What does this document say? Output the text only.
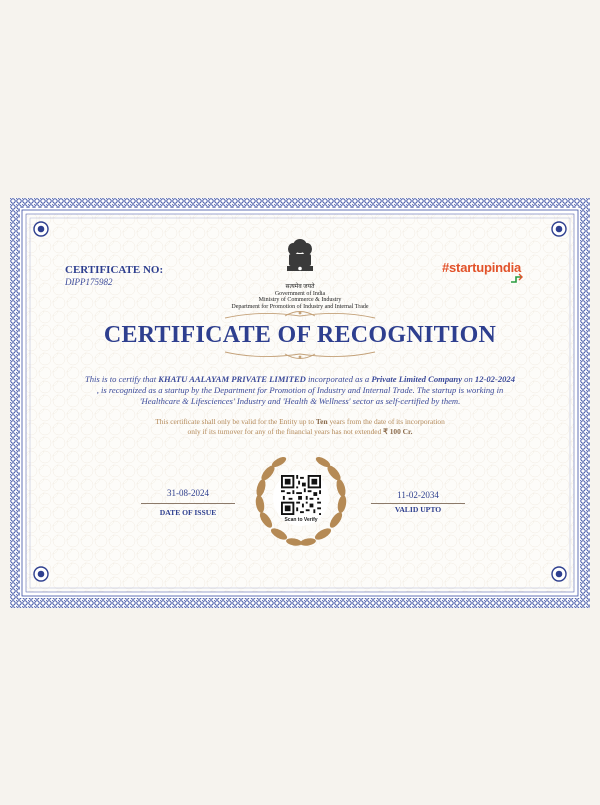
CERTIFICATE NO:
DIPP175982	सत्यमेव जयते
Government of India
Ministry of Commerce & Industry
Department for Promotion of Industry and Internal Trade
#startupindia
CERTIFICATE OF RECOGNITION
This is to certify that KHATU AALAYAM PRIVATE LIMITED incorporated as a Private Limited Company on 12-02-2024
, is recognized as a startup by the Department for Promotion of Industry and Internal Trade. The startup is working in
'Healthcare & Lifesciences' Industry and 'Health & Wellness' sector as self-certified by them.
This certificate shall only be valid for the Entity up to Ten years from the date of its incorporation
only if its turnover for any of the financial years has not extended ₹ 100 Cr.
31-08-2024
DATE OF ISSUE
11-02-2034
VALID UPTO
Scan to Verify
